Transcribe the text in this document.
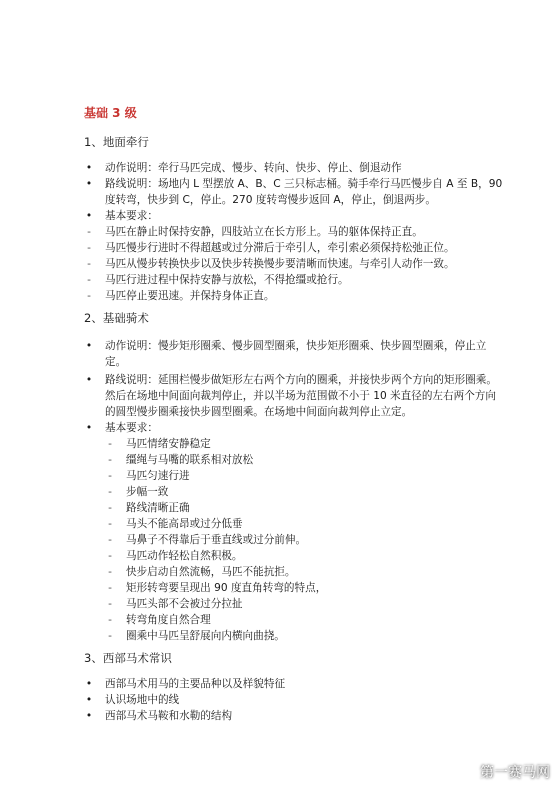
基础 3 级
1、地面牵行
• 动作说明：牵行马匹完成、慢步、转向、快步、停止、倒退动作
• 路线说明：场地内 L 型摆放 A、B、C 三只标志桶。骑手牵行马匹慢步自 A 至 B，90 度转弯，快步到 C，停止。270 度转弯慢步返回 A，停止，倒退两步。
• 基本要求：
- 马匹在静止时保持安静，四肢站立在长方形上。马的躯体保持正直。
- 马匹慢步行进时不得超越或过分滞后于牵引人，牵引索必须保持松弛正位。
- 马匹从慢步转换快步以及快步转换慢步要清晰而快速。与牵引人动作一致。
- 马匹行进过程中保持安静与放松，不得抢缰或抢行。
- 马匹停止要迅速。并保持身体正直。
2、基础骑术
• 动作说明：慢步矩形圈乘、慢步圆型圈乘，快步矩形圈乘、快步圆型圈乘，停止立定。
• 路线说明：延围栏慢步做矩形左右两个方向的圈乘，并接快步两个方向的矩形圈乘。然后在场地中间面向裁判停止，并以半场为范围做不小于 10 米直径的左右两个方向的圆型慢步圈乘接快步圆型圈乘。在场地中间面向裁判停止立定。
• 基本要求：
- 马匹情绪安静稳定
- 缰绳与马嘴的联系相对放松
- 马匹匀速行进
- 步幅一致
- 路线清晰正确
- 马头不能高昂或过分低垂
- 马鼻子不得靠后于垂直线或过分前伸。
- 马匹动作轻松自然积极。
- 快步启动自然流畅，马匹不能抗拒。
- 矩形转弯要呈现出 90 度直角转弯的特点，
- 马匹头部不会被过分拉扯
- 转弯角度自然合理
- 圈乘中马匹呈舒展向内横向曲挠。
3、西部马术常识
• 西部马术用马的主要品种以及样貌特征
• 认识场地中的线
• 西部马术马鞍和水勒的结构
第一赛马网
